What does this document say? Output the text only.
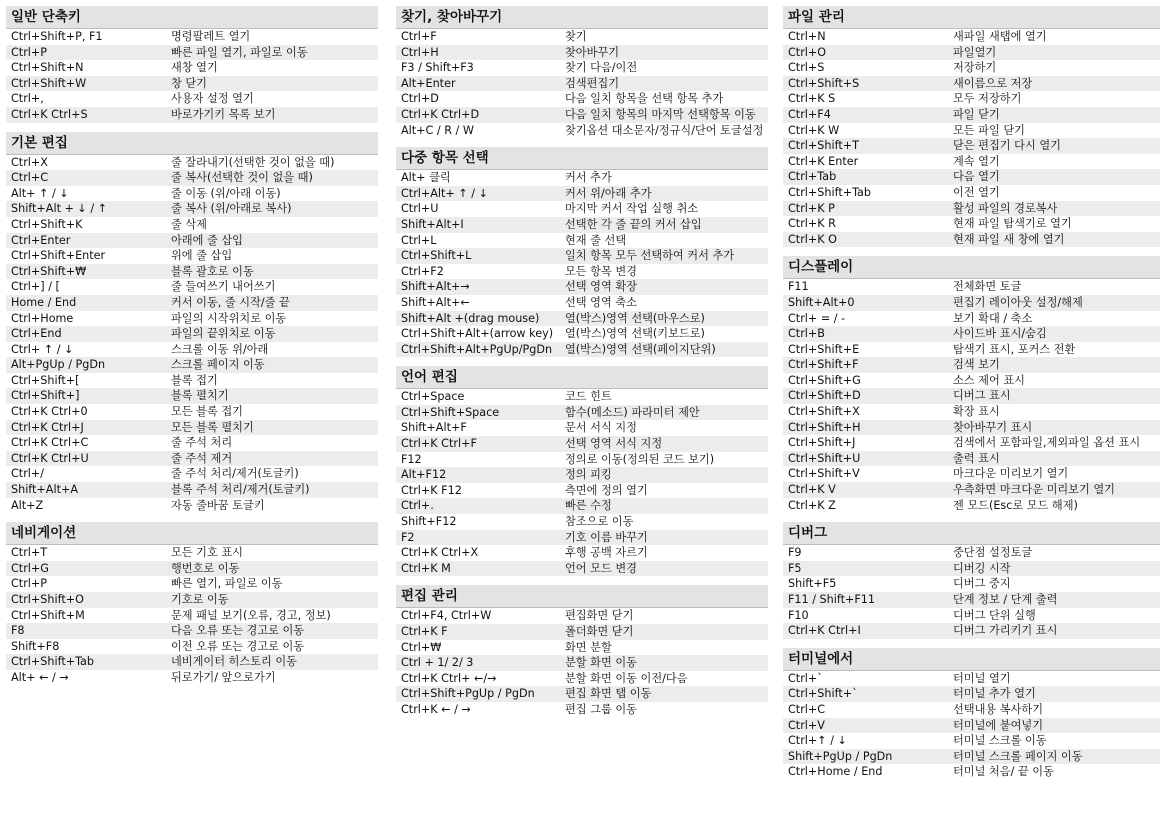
일반 단축키
Ctrl+Shift+P, F1	명령팔레트 열기
Ctrl+P	빠른 파일 열기, 파일로 이동
Ctrl+Shift+N	새창 열기
Ctrl+Shift+W	창 닫기
Ctrl+,	사용자 설정 열기
Ctrl+K Ctrl+S	바로가기키 목록 보기
기본 편집
Ctrl+X	줄 잘라내기(선택한 것이 없을 때)
Ctrl+C	줄 복사(선택한 것이 없을 때)
Alt+ ↑ / ↓	줄 이동 (위/아래 이동)
Shift+Alt + ↓ / ↑	줄 복사 (위/아래로 복사)
Ctrl+Shift+K	줄 삭제
Ctrl+Enter	아래에 줄 삽입
Ctrl+Shift+Enter	위에 줄 삽입
Ctrl+Shift+₩	블록 괄호로 이동
Ctrl+] / [	줄 들여쓰기 내어쓰기
Home / End	커서 이동, 줄 시작/줄 끝
Ctrl+Home	파일의 시작위치로 이동
Ctrl+End	파일의 끝위치로 이동
Ctrl+ ↑ / ↓	스크롤 이동 위/아래
Alt+PgUp / PgDn	스크롤 페이지 이동
Ctrl+Shift+[	블록 접기
Ctrl+Shift+]	블록 펼치기
Ctrl+K Ctrl+0	모든 블록 접기
Ctrl+K Ctrl+J	모든 블록 펼치기
Ctrl+K Ctrl+C	줄 주석 처리
Ctrl+K Ctrl+U	줄 주석 제거
Ctrl+/	줄 주석 처리/제거(토글키)
Shift+Alt+A	블록 주석 처리/제거(토글키)
Alt+Z	자동 줄바꿈 토글키
네비게이션
Ctrl+T	모든 기호 표시
Ctrl+G	행번호로 이동
Ctrl+P	빠른 열기, 파일로 이동
Ctrl+Shift+O	기호로 이동
Ctrl+Shift+M	문제 패널 보기(오류, 경고, 정보)
F8	다음 오류 또는 경고로 이동
Shift+F8	이전 오류 또는 경고로 이동
Ctrl+Shift+Tab	네비게이터 히스토리 이동
Alt+ ← / →	뒤로가기/ 앞으로가기
찾기, 찾아바꾸기
Ctrl+F	찾기
Ctrl+H	찾아바꾸기
F3 / Shift+F3	찾기 다음/이전
Alt+Enter	검색편집기
Ctrl+D	다음 일치 항목을 선택 항목 추가
Ctrl+K Ctrl+D	다음 일치 항목의 마지막 선택항목 이동
Alt+C / R / W	찾기옵션 대소문자/정규식/단어 토글설정
다중 항목 선택
Alt+ 클릭	커서 추가
Ctrl+Alt+ ↑ / ↓	커서 위/아래 추가
Ctrl+U	마지막 커서 작업 실행 취소
Shift+Alt+I	선택한 각 줄 끝의 커서 삽입
Ctrl+L	현재 줄 선택
Ctrl+Shift+L	일치 항목 모두 선택하여 커서 추가
Ctrl+F2	모든 항목 변경
Shift+Alt+→	선택 영역 확장
Shift+Alt+←	선택 영역 축소
Shift+Alt +(drag mouse)	열(박스)영역 선택(마우스로)
Ctrl+Shift+Alt+(arrow key)	열(박스)영역 선택(키보드로)
Ctrl+Shift+Alt+PgUp/PgDn	열(박스)영역 선택(페이지단위)
언어 편집
Ctrl+Space	코드 힌트
Ctrl+Shift+Space	함수(메소드) 파라미터 제안
Shift+Alt+F	문서 서식 지정
Ctrl+K Ctrl+F	선택 영역 서식 지정
F12	정의로 이동(정의된 코드 보기)
Alt+F12	정의 피킹
Ctrl+K F12	측면에 정의 열기
Ctrl+.	빠른 수정
Shift+F12	참조으로 이동
F2	기호 이름 바꾸기
Ctrl+K Ctrl+X	후행 공백 자르기
Ctrl+K M	언어 모드 변경
편집 관리
Ctrl+F4, Ctrl+W	편집화면 닫기
Ctrl+K F	폴더화면 닫기
Ctrl+₩	화면 분할
Ctrl + 1/ 2/ 3	분할 화면 이동
Ctrl+K Ctrl+ ←/→	분할 화면 이동 이전/다음
Ctrl+Shift+PgUp / PgDn	편집 화면 탭 이동
Ctrl+K ← / →	편집 그룹 이동
파일 관리
Ctrl+N	새파일 새탭에 열기
Ctrl+O	파일열기
Ctrl+S	저장하기
Ctrl+Shift+S	새이름으로 저장
Ctrl+K S	모두 저장하기
Ctrl+F4	파일 닫기
Ctrl+K W	모든 파일 닫기
Ctrl+Shift+T	닫은 편집기 다시 열기
Ctrl+K Enter	계속 열기
Ctrl+Tab	다음 열기
Ctrl+Shift+Tab	이전 열기
Ctrl+K P	활성 파일의 경로복사
Ctrl+K R	현재 파일 탐색기로 열기
Ctrl+K O	현재 파일 새 창에 열기
디스플레이
F11	전체화면 토글
Shift+Alt+0	편집기 레이아웃 설정/해제
Ctrl+ = / -	보기 확대 / 축소
Ctrl+B	사이드바 표시/숨김
Ctrl+Shift+E	탐색기 표시, 포커스 전환
Ctrl+Shift+F	검색 보기
Ctrl+Shift+G	소스 제어 표시
Ctrl+Shift+D	디버그 표시
Ctrl+Shift+X	확장 표시
Ctrl+Shift+H	찾아바꾸기 표시
Ctrl+Shift+J	검색에서 포함파일,제외파일 옵션 표시
Ctrl+Shift+U	출력 표시
Ctrl+Shift+V	마크다운 미리보기 열기
Ctrl+K V	우측화면 마크다운 미리보기 열기
Ctrl+K Z	젠 모드(Esc로 모드 해제)
디버그
F9	중단점 설정토글
F5	디버깅 시작
Shift+F5	디버그 중지
F11 / Shift+F11	단계 정보 / 단계 출력
F10	디버그 단위 실행
Ctrl+K Ctrl+I	디버그 가리키기 표시
터미널에서
Ctrl+`	터미널 열기
Ctrl+Shift+`	터미널 추가 열기
Ctrl+C	선택내용 복사하기
Ctrl+V	터미널에 붙여넣기
Ctrl+↑ / ↓	터미널 스크롤 이동
Shift+PgUp / PgDn	터미널 스크롤 페이지 이동
Ctrl+Home / End	터미널 처음/ 끝 이동
